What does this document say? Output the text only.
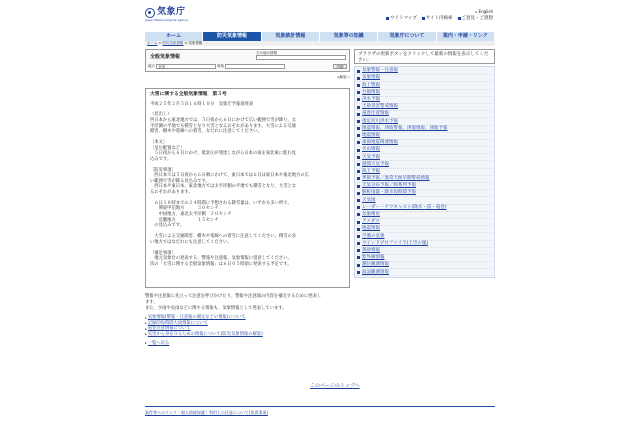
気象庁
Japan Meteorological Agency
▸ English
サイトマップ サイト内検索 ご意見・ご感想
ホーム	防災気象情報	気象統計情報	気象等の知識	気象庁について	案内・申請・リンク
ホーム > 防災気象情報 > 気象情報
全般気象情報
その他の情報
地方 全国	府県	印刷
▸解説へ
大雪に関する全般気象情報　第３号
平成２５年２月５日１６時１０分　気象庁予報部発表
（見出し）
西日本から東北地方では、５日夜から６日にかけて広い範囲で雪が降り、太
平洋側の平地でも積雪となり大雪となるおそれがあります。大雪による交通
障害、樹木や電線への着雪、なだれに注意してください。
［本文］
［気圧配置など］
　５日夜から６日にかけ、低気圧が発達しながら日本の南を東北東に進む見
込みです。
［防災事項］
　西日本では５日夜から６日朝にかけて、東日本では６日は東日本や東北地方の広
い範囲で雪が降る見込みです。
　西日本や東日本、東北地方では太平洋側の平地でも積雪となり、大雪とな
るおそれがあります。
　６日１８時までの２４時間に予想される降雪量は、いずれも多い所で、
　　関東甲信地方　　　３０センチ
　　中国地方、東北太平洋側　２０センチ
　　近畿地方　　　　　１５センチ
　の見込みです。
　大雪による交通障害、樹木や電線への着雪に注意してください。積雪の多
い地方ではなだれにも注意してください。
［補足事項］
　地元気象台の発表する、警報や注意報、気象情報に留意してください。
次の「大雪に関する全般気象情報」は６日０５時頃に発表する予定です。
警報や注意報に先立って注意を呼びかけたり、警報や注意報の内容を補完するために発表し
ます。
また、少雨や長雨などに関する情報も、気象情報として発表しています。
▸ 気象情報(警報・注意報の補完などの情報)について
▸ 記録的短時間大雨情報について
▸ 竜巻注意情報について
▸ 災害から身を守るための情報について(防災気象情報の解説)
▸ 一覧へ戻る
ブラウザの更新ボタンをクリックして最新の情報を表示してください。
気象警報・注意報
気象情報
海上警報
台風情報
洪水予報
土砂災害警戒情報
竜巻注意情報
指定河川洪水予報
地震情報、津波警報、津波情報、津波予報
地震情報
東海地震関連情報
火山情報
天気予報
週間天気予報
海上予報
季節予報／異常天候早期警戒情報
天気分布予報／時系列予報
解析雨量・降水短時間予報
天気図
レーダー・ナウキャスト(降水・雷・竜巻)
気象衛星
アメダス
地震情報
空港の気象
ウインドプロファイラ(上空の風)
黄砂情報
紫外線情報
潮位観測情報
波浪観測情報
このページのトップへ
案件等へのリンク・個人情報保護｜利用上の注意について(免責事項)
